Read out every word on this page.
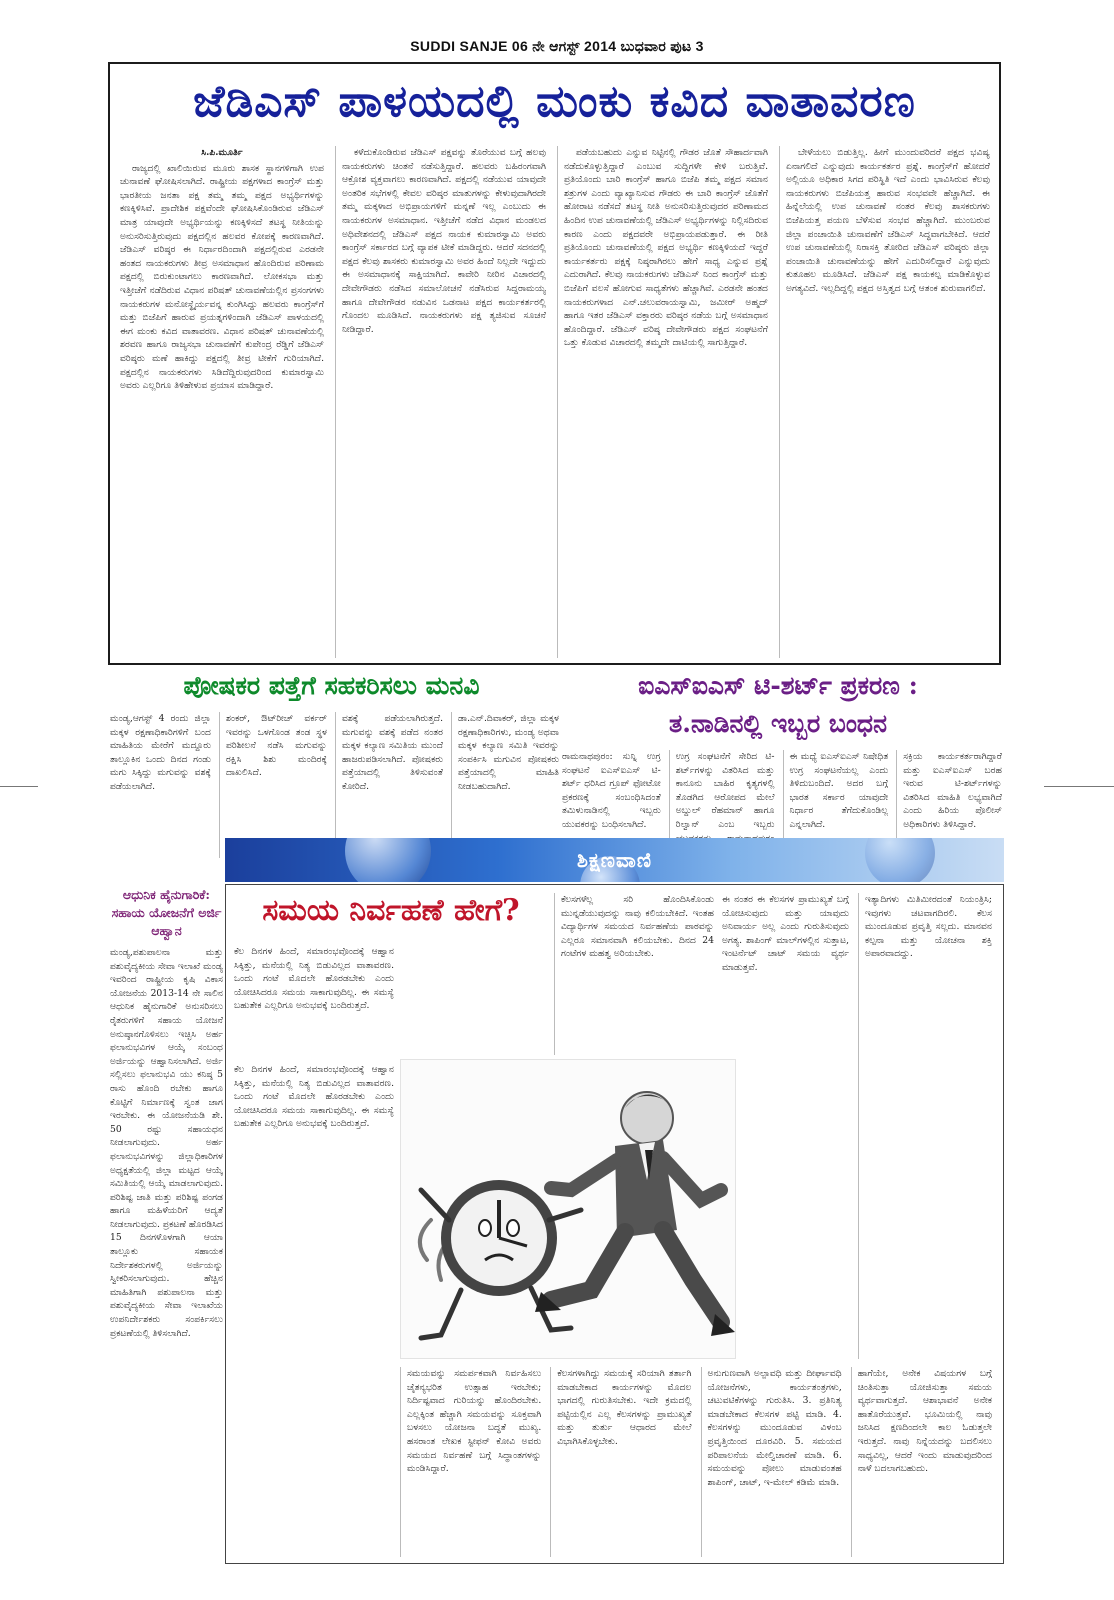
SUDDI SANJE 06 ನೇ ಆಗಸ್ಟ್ 2014 ಬುಧವಾರ ಪುಟ 3
ಜೆಡಿಎಸ್ ಪಾಳಯದಲ್ಲಿ ಮಂಕು ಕವಿದ ವಾತಾವರಣ
ಸಿ.ಪಿ.ಮೂರ್ತಿ

ರಾಜ್ಯದಲ್ಲಿ ಖಾಲಿಯಿರುವ ಮೂರು ಶಾಸಕ ಸ್ಥಾನಗಳಿಗಾಗಿ ಉಪ ಚುನಾವಣೆ ಘೋಷಿಸಲಾಗಿದೆ. ರಾಷ್ಟ್ರೀಯ ಪಕ್ಷಗಳಾದ ಕಾಂಗ್ರೆಸ್ ಮತ್ತು ಭಾರತೀಯ ಜನತಾ ಪಕ್ಷ ತಮ್ಮ ತಮ್ಮ ಪಕ್ಷದ ಅಭ್ಯರ್ಥಿಗಳನ್ನು ಕಣಕ್ಕಿಳಿಸಿವೆ. ಪ್ರಾದೇಶಿಕ ಪಕ್ಷವೆಂದೇ ಘೋಷಿಸಿಕೊಂಡಿರುವ ಜೆಡಿಎಸ್ ಮಾತ್ರ ಯಾವುದೇ ಅಭ್ಯರ್ಥಿಯನ್ನು ಕಣಕ್ಕಿಳಿಸದೆ ತಟಸ್ಥ ನೀತಿಯನ್ನು ಅನುಸರಿಸುತ್ತಿರುವುದು ಪಕ್ಷದಲ್ಲಿನ ಹಲವರ ಕೋಪಕ್ಕೆ ಕಾರಣವಾಗಿದೆ. ಜೆಡಿಎಸ್ ವರಿಷ್ಠರ ಈ ನಿರ್ಧಾರದಿಂದಾಗಿ ಪಕ್ಷದಲ್ಲಿರುವ ಎರಡನೇ ಹಂತದ ನಾಯಕರುಗಳು ತೀವ್ರ ಅಸಮಾಧಾನ ಹೊಂದಿರುವ ಪರಿಣಾಮ ಪಕ್ಷದಲ್ಲಿ ಬಿರುಕುಂಟಾಗಲು ಕಾರಣವಾಗಿದೆ. ಲೋಕಸಭಾ ಮತ್ತು ಇತ್ತೀಚೆಗೆ ನಡೆದಿರುವ ವಿಧಾನ ಪರಿಷತ್ ಚುನಾವಣೆಯಲ್ಲಿನ ಪ್ರಸಂಗಗಳು ನಾಯಕರುಗಳ ಮನೋಸ್ಥೈರ್ಯವನ್ನ ಕುಂಗಿಸಿದ್ದು ಹಲವರು ಕಾಂಗ್ರೆಸ್‌ಗೆ ಮತ್ತು ಬಿಜೆಪಿಗೆ ಹಾರುವ ಪ್ರಯತ್ನಗಳಿಂದಾಗಿ ಜೆಡಿಎಸ್ ಪಾಳಯದಲ್ಲಿ ಈಗ ಮಂಕು ಕವಿದ ವಾತಾವರಣ. ವಿಧಾನ ಪರಿಷತ್ ಚುನಾವಣೆಯಲ್ಲಿ ಶರವಣ ಹಾಗೂ ರಾಜ್ಯಸಭಾ ಚುನಾವಣೆಗೆ ಕುಪೇಂದ್ರ ರೆಡ್ಡಿಗೆ ಜೆಡಿಎಸ್ ವರಿಷ್ಠರು ಮಣೆ ಹಾಕಿದ್ದು ಪಕ್ಷದಲ್ಲಿ ತೀವ್ರ ಟೀಕೆಗೆ ಗುರಿಯಾಗಿದೆ. ಪಕ್ಷದಲ್ಲಿನ ನಾಯಕರುಗಳು ಸಿಡಿದೆದ್ದಿರುವುದರಿಂದ ಕುಮಾರಸ್ವಾಮಿ ಅವರು ಎಲ್ಲರಿಗೂ ತಿಳಿಹೇಳುವ ಪ್ರಯಾಸ ಮಾಡಿದ್ದಾರೆ.

ಕಳೆದುಕೊಂಡಿರುವ ಜೆಡಿಎಸ್ ಪಕ್ಷವನ್ನು ತೊರೆಯುವ ಬಗ್ಗೆ ಹಲವು ನಾಯಕರುಗಳು ಚಿಂತನೆ ನಡೆಸುತ್ತಿದ್ದಾರೆ. ಹಲವರು ಬಹಿರಂಗವಾಗಿ ಆಕ್ರೋಶ ವ್ಯಕ್ತವಾಗಲು ಕಾರಣವಾಗಿದೆ. ಪಕ್ಷದಲ್ಲಿ ನಡೆಯುವ ಯಾವುದೇ ಅಂತರಿಕ ಸಭೆಗಳಲ್ಲಿ ಕೇವಲ ವರಿಷ್ಠರ ಮಾತುಗಳನ್ನು ಕೇಳುವುದಾಗಿರದೇ ತಮ್ಮ ಮಕ್ಕಳಾದ ಅಭಿಪ್ರಾಯಗಳಿಗೆ ಮನ್ನಣೆ ಇಲ್ಲ ಎಂಬುದು ಈ ನಾಯಕರುಗಳ ಅಸಮಾಧಾನ. ಇತ್ತೀಚೆಗೆ ನಡೆದ ವಿಧಾನ ಮಂಡಲದ ಅಧಿವೇಶನದಲ್ಲಿ ಜೆಡಿಎಸ್ ಪಕ್ಷದ ನಾಯಕ ಕುಮಾರಸ್ವಾಮಿ ಅವರು ಕಾಂಗ್ರೆಸ್ ಸರ್ಕಾರದ ಬಗ್ಗೆ ವ್ಯಾಪಕ ಟೀಕೆ ಮಾಡಿದ್ದರು. ಆದರೆ ಸದನದಲ್ಲಿ ಪಕ್ಷದ ಕೆಲವು ಶಾಸಕರು ಕುಮಾರಸ್ವಾಮಿ ಅವರ ಹಿಂದೆ ನಿಲ್ಲದೇ ಇದ್ದುದು ಈ ಅಸಮಾಧಾನಕ್ಕೆ ಸಾಕ್ಷಿಯಾಗಿದೆ. ಕಾವೇರಿ ನೀರಿನ ವಿಚಾರದಲ್ಲಿ ದೇವೇಗೌಡರು ನಡೆಸಿದ ಸಮಾಲೋಚನೆ ನಡೆಸಿರುವ ಸಿದ್ದರಾಮಯ್ಯ ಹಾಗೂ ದೇವೇಗೌಡರ ನಡುವಿನ ಒಡನಾಟ ಪಕ್ಷದ ಕಾರ್ಯಕರ್ತರಲ್ಲಿ ಗೊಂದಲ ಮೂಡಿಸಿದೆ. ನಾಯಕರುಗಳು ಪಕ್ಷ ತ್ಯಜಿಸುವ ಸೂಚನೆ ನೀಡಿದ್ದಾರೆ.

ಪಡೆಯಬಹುದು ಎನ್ನುವ ನಿಟ್ಟಿನಲ್ಲಿ ಗೌಡರ ಜೊತೆ ಸೌಹಾರ್ದವಾಗಿ ನಡೆದುಕೊಳ್ಳುತ್ತಿದ್ದಾರೆ ಎಂಬುವ ಸುದ್ದಿಗಳೇ ಕೇಳಿ ಬರುತ್ತಿವೆ. ಪ್ರತಿಯೊಂದು ಬಾರಿ ಕಾಂಗ್ರೆಸ್ ಹಾಗೂ ಬಿಜೆಪಿ ತಮ್ಮ ಪಕ್ಷದ ಸಮಾನ ಶತ್ರುಗಳ ಎಂದು ವ್ಯಾಖ್ಯಾನಿಸುವ ಗೌಡರು ಈ ಬಾರಿ ಕಾಂಗ್ರೆಸ್ ಜೊತೆಗೆ ಹೋರಾಟ ನಡೆಸದೆ ತಟಸ್ಥ ನೀತಿ ಅನುಸರಿಸುತ್ತಿರುವುದರ ಪರಿಣಾಮದ ಹಿಂದಿನ ಉಪ ಚುನಾವಣೆಯಲ್ಲಿ ಜೆಡಿಎಸ್ ಅಭ್ಯರ್ಥಿಗಳನ್ನು ನಿಲ್ಲಿಸದಿರುವ ಕಾರಣ ಎಂದು ಪಕ್ಷದವರೇ ಅಭಿಪ್ರಾಯಪಡುತ್ತಾರೆ. ಈ ರೀತಿ ಪ್ರತಿಯೊಂದು ಚುನಾವಣೆಯಲ್ಲಿ ಪಕ್ಷದ ಅಭ್ಯರ್ಥಿ ಕಣಕ್ಕಿಳಿಯದೆ ಇದ್ದರೆ ಕಾರ್ಯಕರ್ತರು ಪಕ್ಷಕ್ಕೆ ನಿಷ್ಠರಾಗಿರಲು ಹೇಗೆ ಸಾಧ್ಯ ಎನ್ನುವ ಪ್ರಶ್ನೆ ಎದುರಾಗಿದೆ. ಕೆಲವು ನಾಯಕರುಗಳು ಜೆಡಿಎಸ್ ನಿಂದ ಕಾಂಗ್ರೆಸ್ ಮತ್ತು ಬಿಜೆಪಿಗೆ ವಲಸೆ ಹೋಗುವ ಸಾಧ್ಯತೆಗಳು ಹೆಚ್ಚಾಗಿವೆ. ಎರಡನೇ ಹಂತದ ನಾಯಕರುಗಳಾದ ಎನ್.ಚಲುವರಾಯಸ್ವಾಮಿ, ಜಮೀರ್ ಅಹ್ಮದ್ ಹಾಗೂ ಇತರ ಜೆಡಿಎಸ್ ವಕ್ತಾರರು ವರಿಷ್ಠರ ನಡೆಯ ಬಗ್ಗೆ ಅಸಮಾಧಾನ ಹೊಂದಿದ್ದಾರೆ. ಜೆಡಿಎಸ್ ವರಿಷ್ಠ ದೇವೇಗೌಡರು ಪಕ್ಷದ ಸಂಘಟನೆಗೆ ಒತ್ತು ಕೊಡುವ ವಿಚಾರದಲ್ಲಿ ತಮ್ಮದೇ ದಾಟಿಯಲ್ಲಿ ಸಾಗುತ್ತಿದ್ದಾರೆ.

ಬೇಳೆಯಲು ಬಿಡುತ್ತಿಲ್ಲ. ಹೀಗೆ ಮುಂದುವರಿದರೆ ಪಕ್ಷದ ಭವಿಷ್ಯ ಏನಾಗಲಿದೆ ಎನ್ನುವುದು ಕಾರ್ಯಕರ್ತರ ಪ್ರಶ್ನೆ. ಕಾಂಗ್ರೆಸ್‌ಗೆ ಹೋದರೆ ಅಲ್ಲಿಯೂ ಅಧಿಕಾರ ಸಿಗದ ಪರಿಸ್ಥಿತಿ ಇದೆ ಎಂದು ಭಾವಿಸಿರುವ ಕೆಲವು ನಾಯಕರುಗಳು ಬಿಜೆಪಿಯತ್ತ ಹಾರುವ ಸಂಭವವೇ ಹೆಚ್ಚಾಗಿದೆ. ಈ ಹಿನ್ನೆಲೆಯಲ್ಲಿ ಉಪ ಚುನಾವಣೆ ನಂತರ ಕೆಲವು ಶಾಸಕರುಗಳು ಬಿಜೆಪಿಯತ್ತ ಪಯಣ ಬೆಳೆಸುವ ಸಂಭವ ಹೆಚ್ಚಾಗಿದೆ. ಮುಂಬರುವ ಜಿಲ್ಲಾ ಪಂಚಾಯಿತಿ ಚುನಾವಣೆಗೆ ಜೆಡಿಎಸ್ ಸಿದ್ಧವಾಗಬೇಕಿದೆ. ಆದರೆ ಉಪ ಚುನಾವಣೆಯಲ್ಲಿ ನಿರಾಸಕ್ತಿ ತೋರಿದ ಜೆಡಿಎಸ್ ವರಿಷ್ಠರು ಜಿಲ್ಲಾ ಪಂಚಾಯಿತಿ ಚುನಾವಣೆಯನ್ನು ಹೇಗೆ ಎದುರಿಸಲಿದ್ದಾರೆ ಎನ್ನುವುದು ಕುತೂಹಲ ಮೂಡಿಸಿದೆ. ಜೆಡಿಎಸ್ ಪಕ್ಷ ಕಾಯಕಲ್ಪ ಮಾಡಿಕೊಳ್ಳುವ ಅಗತ್ಯವಿದೆ. ಇಲ್ಲದಿದ್ದಲ್ಲಿ ಪಕ್ಷದ ಅಸ್ತಿತ್ವದ ಬಗ್ಗೆ ಆತಂಕ ಶುರುವಾಗಲಿದೆ.

ಪೋಷಕರ ಪತ್ತೆಗೆ ಸಹಕರಿಸಲು ಮನವಿ	ಐಎಸ್‌ಐಎಸ್ ಟಿ-ಶರ್ಟ್ ಪ್ರಕರಣ :
ತ.ನಾಡಿನಲ್ಲಿ ಇಬ್ಬರ ಬಂಧನ
ಮಂಡ್ಯ,ಆಗಸ್ಟ್ 4 ರಂದು ಜಿಲ್ಲಾ ಮಕ್ಕಳ ರಕ್ಷಣಾಧಿಕಾರಿಗಳಿಗೆ ಬಂದ ಮಾಹಿತಿಯ ಮೇರೆಗೆ ಮದ್ದೂರು ತಾಲ್ಲೂಕಿನ ಒಂದು ದಿನದ ಗಂಡು ಮಗು ಸಿಕ್ಕಿದ್ದು ಮಗುವನ್ನು ವಶಕ್ಕೆ ಪಡೆಯಲಾಗಿದೆ.
ಶಂಕರ್, ಔಟ್‌ರೀಚ್ ವರ್ಕರ್ ಇವರನ್ನು ಒಳಗೊಂಡ ತಂಡ ಸ್ಥಳ ಪರಿಶೀಲನೆ ನಡೆಸಿ ಮಗುವನ್ನು ರಕ್ಷಿಸಿ ಶಿಶು ಮಂದಿರಕ್ಕೆ ದಾಖಲಿಸಿದೆ.
ವಶಕ್ಕೆ ಪಡೆಯಲಾಗಿರುತ್ತದೆ. ಮಗುವನ್ನು ವಶಕ್ಕೆ ಪಡೆದ ನಂತರ ಮಕ್ಕಳ ಕಲ್ಯಾಣ ಸಮಿತಿಯ ಮುಂದೆ ಹಾಜರುಪಡಿಸಲಾಗಿದೆ. ಪೋಷಕರು ಪತ್ತೆಯಾದಲ್ಲಿ ತಿಳಿಸುವಂತೆ ಕೋರಿದೆ.
ಡಾ.ಎನ್.ದಿವಾಕರ್, ಜಿಲ್ಲಾ ಮಕ್ಕಳ ರಕ್ಷಣಾಧಿಕಾರಿಗಳು, ಮಂಡ್ಯ ಅಥವಾ ಮಕ್ಕಳ ಕಲ್ಯಾಣ ಸಮಿತಿ ಇವರನ್ನು ಸಂಪರ್ಕಿಸಿ ಮಗುವಿನ ಪೋಷಕರು ಪತ್ತೆಯಾದಲ್ಲಿ ಮಾಹಿತಿ ನೀಡಬಹುದಾಗಿದೆ.
ರಾಮನಾಥಪುರಂ: ಸುನ್ನಿ ಉಗ್ರ ಸಂಘಟನೆ ಐಎಸ್‌ಐಎಸ್ ಟಿ-ಶರ್ಟ್ ಧರಿಸಿದ ಗ್ರೂಪ್ ಫೋಟೋ ಪ್ರಕರಣಕ್ಕೆ ಸಂಬಂಧಿಸಿದಂತೆ ತಮಿಳುನಾಡಿನಲ್ಲಿ ಇಬ್ಬರು ಯುವಕರನ್ನು ಬಂಧಿಸಲಾಗಿದೆ.
ಉಗ್ರ ಸಂಘಟನೆಗೆ ಸೇರಿದ ಟಿ-ಶರ್ಟ್‌ಗಳನ್ನು ವಿತರಿಸಿದ ಮತ್ತು ಕಾನೂನು ಬಾಹಿರ ಕೃತ್ಯಗಳಲ್ಲಿ ತೊಡಗಿದ ಆರೋಪದ ಮೇಲೆ ಅಬ್ದುಲ್ ರೆಹಮಾನ್ ಹಾಗೂ ರಿಲ್ವಾನ್ ಎಂಬ ಇಬ್ಬರು
ಈ ಮಧ್ಯೆ ಐಎಸ್‌ಐಎಸ್ ನಿಷೇಧಿತ ಉಗ್ರ ಸಂಘಟನೆಯಲ್ಲ ಎಂದು ತಿಳಿದುಬಂದಿದೆ. ಅದರ ಬಗ್ಗೆ ಭಾರತ ಸರ್ಕಾರ ಯಾವುದೇ ನಿರ್ಧಾರ ತೆಗೆದುಕೊಂಡಿಲ್ಲ ಎನ್ನಲಾಗಿದೆ.
ಸಕ್ರಿಯ ಕಾರ್ಯಕರ್ತರಾಗಿದ್ದಾರೆ ಮತ್ತು ಐಎಸ್‌ಐಎಸ್ ಬರಹ ಇರುವ ಟಿ-ಶರ್ಟ್‌ಗಳನ್ನು ವಿತರಿಸಿದ ಮಾಹಿತಿ ಲಭ್ಯವಾಗಿದೆ ಎಂದು ಹಿರಿಯ ಪೊಲೀಸ್ ಅಧಿಕಾರಿಗಳು ತಿಳಿಸಿದ್ದಾರೆ.
ಶಿಕ್ಷಣವಾಣಿ
ಆಧುನಿಕ ಹೈನುಗಾರಿಕೆ: ಸಹಾಯ ಯೋಜನೆಗೆ ಅರ್ಜಿ ಆಹ್ವಾನ
ಮಂಡ್ಯ,ಪಶುಪಾಲನಾ ಮತ್ತು ಪಶುವೈದ್ಯಕೀಯ ಸೇವಾ ಇಲಾಖೆ ಮಂಡ್ಯ ಇವರಿಂದ ರಾಷ್ಟ್ರೀಯ ಕೃಷಿ ವಿಕಾಸ ಯೋಜನೆಯ 2013-14 ನೇ ಸಾಲಿನ ಆಧುನಿಕ ಹೈನುಗಾರಿಕೆ ಅನುಸರಿಸಲು ರೈತರುಗಳಿಗೆ ಸಹಾಯ ಯೋಜನೆ ಅನುಷ್ಠಾನಗೊಳಿಸಲು ಇಚ್ಛಿಸಿ ಅರ್ಹ ಫಲಾನುಭವಿಗಳ ಆಯ್ಕೆ ಸಂಬಂಧ ಅರ್ಜಿಯನ್ನು ಆಹ್ವಾನಿಸಲಾಗಿದೆ. ಅರ್ಜಿ ಸಲ್ಲಿಸಲು ಫಲಾನುಭವಿ ಯು ಕನಿಷ್ಠ 5 ರಾಸು ಹೊಂದಿ ರಬೇಕು ಹಾಗೂ ಕೊಟ್ಟಿಗೆ ನಿರ್ಮಾಣಕ್ಕೆ ಸ್ವಂತ ಜಾಗ ಇರಬೇಕು. ಈ ಯೋಜನೆಯಡಿ ಶೇ. 50 ರಷ್ಟು ಸಹಾಯಧನ ನೀಡಲಾಗುವುದು. ಅರ್ಹ ಫಲಾನುಭವಿಗಳನ್ನು ಜಿಲ್ಲಾಧಿಕಾರಿಗಳ ಅಧ್ಯಕ್ಷತೆಯಲ್ಲಿ ಜಿಲ್ಲಾ ಮಟ್ಟದ ಆಯ್ಕೆ ಸಮಿತಿಯಲ್ಲಿ ಆಯ್ಕೆ ಮಾಡಲಾಗುವುದು. ಪರಿಶಿಷ್ಟ ಜಾತಿ ಮತ್ತು ಪರಿಶಿಷ್ಟ ಪಂಗಡ ಹಾಗೂ ಮಹಿಳೆಯರಿಗೆ ಆದ್ಯತೆ ನೀಡಲಾಗುವುದು. ಪ್ರಕಟಣೆ ಹೊರಡಿಸಿದ 15 ದಿನಗಳೊಳಗಾಗಿ ಆಯಾ ತಾಲ್ಲೂಕು ಸಹಾಯಕ ನಿರ್ದೇಶಕರುಗಳಲ್ಲಿ ಅರ್ಜಿಯನ್ನು ಸ್ವೀಕರಿಸಲಾಗುವುದು. ಹೆಚ್ಚಿನ ಮಾಹಿತಿಗಾಗಿ ಪಶುಪಾಲನಾ ಮತ್ತು ಪಶುವೈದ್ಯಕೀಯ ಸೇವಾ ಇಲಾಖೆಯ ಉಪನಿರ್ದೇಶಕರು ಸಂಪರ್ಕಿಸಲು ಪ್ರಕಟಣೆಯಲ್ಲಿ ತಿಳಿಸಲಾಗಿದೆ.
ಸಮಯ ನಿರ್ವಹಣೆ ಹೇಗೆ?
ಕೆಲ ದಿನಗಳ ಹಿಂದೆ, ಸಮಾರಂಭವೊಂದಕ್ಕೆ ಆಹ್ವಾನ ಸಿಕ್ಕಿತ್ತು, ಮನೆಯಲ್ಲಿ ನಿತ್ಯ ಬಿಡುವಿಲ್ಲದ ವಾತಾವರಣ. ಒಂದು ಗಂಟೆ ಮೊದಲೇ ಹೊರಡಬೇಕು ಎಂದು ಯೋಚಿಸಿದರೂ ಸಮಯ ಸಾಕಾಗುವುದಿಲ್ಲ. ಈ ಸಮಸ್ಯೆ ಬಹುತೇಕ ಎಲ್ಲರಿಗೂ ಅನುಭವಕ್ಕೆ ಬಂದಿರುತ್ತದೆ.
ಕೆಲಸಗಳೆಲ್ಲ ಸರಿ ಹೊಂದಿಸಿಕೊಂಡು ಮುನ್ನಡೆಯುವುದನ್ನು ನಾವು ಕಲಿಯಬೇಕಿದೆ. ಇಂತಹ ವಿದ್ಯಾರ್ಥಿಗಳ ಸಮಯದ ನಿರ್ವಹಣೆಯ ಪಾಠವನ್ನು ಎಲ್ಲರೂ ಸಮಾನವಾಗಿ ಕಲಿಯಬೇಕು. ದಿನದ 24 ಗಂಟೆಗಳ ಮಹತ್ವ ಅರಿಯಬೇಕು.
ಈ ನಂತರ ಈ ಕೆಲಸಗಳ ಪ್ರಾಮುಖ್ಯತೆ ಬಗ್ಗೆ ಯೋಚಿಸುವುದು ಮತ್ತು ಯಾವುದು ಅನಿವಾರ್ಯ ಅಲ್ಲ ಎಂದು ಗುರುತಿಸುವುದು ಅಗತ್ಯ. ಶಾಪಿಂಗ್ ಮಾಲ್‌ಗಳಲ್ಲಿನ ಸುತ್ತಾಟ, ಇಂಟರ್ನೆಟ್ ಚಾಟ್ ಸಮಯ ವ್ಯರ್ಥ ಮಾಡುತ್ತವೆ.
ಇತ್ಯಾದಿಗಳು ಮಿತಿಮೀರದಂತೆ ನಿಯಂತ್ರಿಸಿ; ಇವುಗಳು ಚಟವಾಗದಿರಲಿ. ಕೆಲಸ ಮುಂದೂಡುವ ಪ್ರವೃತ್ತಿ ಸಲ್ಲದು. ಮಾನವನ ಕಲ್ಪನಾ ಮತ್ತು ಯೋಚನಾ ಶಕ್ತಿ ಅಪಾರವಾದದ್ದು.
ಕೆಲ ದಿನಗಳ ಹಿಂದೆ, ಸಮಾರಂಭವೊಂದಕ್ಕೆ ಆಹ್ವಾನ ಸಿಕ್ಕಿತ್ತು, ಮನೆಯಲ್ಲಿ ನಿತ್ಯ ಬಿಡುವಿಲ್ಲದ ವಾತಾವರಣ. ಒಂದು ಗಂಟೆ ಮೊದಲೇ ಹೊರಡಬೇಕು ಎಂದು ಯೋಚಿಸಿದರೂ ಸಮಯ ಸಾಕಾಗುವುದಿಲ್ಲ. ಈ ಸಮಸ್ಯೆ ಬಹುತೇಕ ಎಲ್ಲರಿಗೂ ಅನುಭವಕ್ಕೆ ಬಂದಿರುತ್ತದೆ.
ಸಮಯವನ್ನು ಸಮರ್ಪಕವಾಗಿ ನಿರ್ವಹಿಸಲು ಚೈತನ್ಯಭರಿತ ಉತ್ಸಾಹ ಇರಬೇಕು; ನಿರ್ದಿಷ್ಟವಾದ ಗುರಿಯನ್ನು ಹೊಂದಿರಬೇಕು. ಎಲ್ಲಕ್ಕಿಂತ ಹೆಚ್ಚಾಗಿ ಸಮಯವನ್ನು ಸೂಕ್ತವಾಗಿ ಬಳಸಲು ಯೋಜನಾ ಬದ್ಧತೆ ಮುಖ್ಯ. ಹಸರಾಂತ ಲೇಖಕ ಸ್ಟೀಫನ್ ಕೋವಿ ಅವರು ಸಮಯದ ನಿರ್ವಹಣೆ ಬಗ್ಗೆ ಸಿದ್ಧಾಂತಗಳನ್ನು ಮಂಡಿಸಿದ್ದಾರೆ.
ಕೆಲಸಗಳಾಗಿದ್ದು ಸಮಯಕ್ಕೆ ಸರಿಯಾಗಿ ತರ್ತಾಗಿ ಮಾಡಬೇಕಾದ ಕಾರ್ಯಗಳನ್ನು ಮೊದಲ ಭಾಗದಲ್ಲಿ ಗುರುತಿಸಬೇಕು. ಇದೇ ಕ್ರಮದಲ್ಲಿ ಪಟ್ಟಿಯಲ್ಲಿನ ಎಲ್ಲ ಕೆಲಸಗಳನ್ನು ಪ್ರಾಮುಖ್ಯತೆ ಮತ್ತು ತುರ್ತು ಆಧಾರದ ಮೇಲೆ ವಿಭಾಗಿಸಿಕೊಳ್ಳಬೇಕು.
ಅನುಗುಣವಾಗಿ ಅಲ್ಪಾವಧಿ ಮತ್ತು ದೀರ್ಘಾವಧಿ ಯೋಜನೆಗಳು, ಕಾರ್ಯತಂತ್ರಗಳು, ಚಟುವಟಿಕೆಗಳನ್ನು ಗುರುತಿಸಿ. 3. ಪ್ರತಿನಿತ್ಯ ಮಾಡಬೇಕಾದ ಕೆಲಸಗಳ ಪಟ್ಟಿ ಮಾಡಿ. 4. ಕೆಲಸಗಳನ್ನು ಮುಂದೂಡುವ ವಿಳಂಬ ಪ್ರವೃತ್ತಿಯಿಂದ ದೂರವಿರಿ. 5. ಸಮಯದ ಪರಿಪಾಲನೆಯ ಮೇಲ್ವಿಚಾರಣೆ ಮಾಡಿ. 6. ಸಮಯವನ್ನು ಪೋಲು ಮಾಡುವಂತಹ ಶಾಪಿಂಗ್, ಚಾಟ್, ಇ-ಮೇಲ್ ಕಡಿಮೆ ಮಾಡಿ.
ಹಾಗೆಯೇ, ಅನೇಕ ವಿಷಯಗಳ ಬಗ್ಗೆ ಚಿಂತಿಸುತ್ತಾ ಯೋಜಿಸುತ್ತಾ ಸಮಯ ವ್ಯರ್ಥವಾಗುತ್ತದೆ. ಆಶಾಭಾವನೆ ಅನೇಕ ಹಾತೊರೆಯುತ್ತವೆ. ಭೂಮಿಯಲ್ಲಿ ನಾವು ಜನಿಸಿದ ಕ್ಷಣದಿಂದಲೇ ಕಾಲ ಓಡುತ್ತಲೇ ಇರುತ್ತದೆ. ನಾವು ನಿನ್ನೆಯದನ್ನು ಬದಲಿಸಲು ಸಾಧ್ಯವಿಲ್ಲ, ಆದರೆ ಇಂದು ಮಾಡುವುದರಿಂದ ನಾಳೆ ಬದಲಾಗಬಹುದು.
